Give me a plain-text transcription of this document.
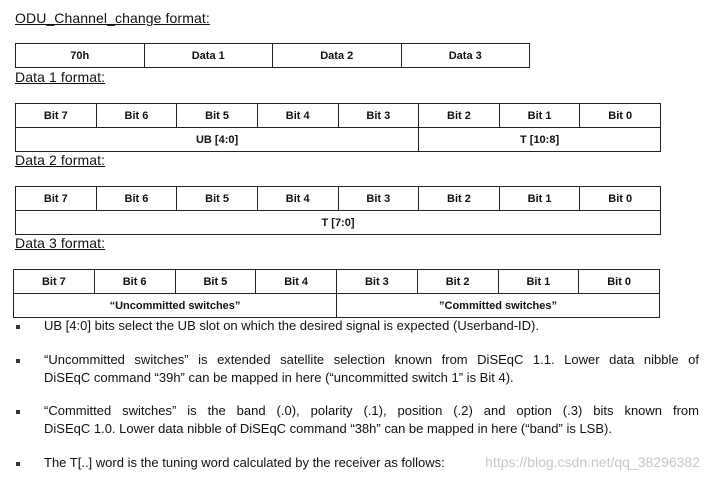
ODU_Channel_change format:
70h	Data 1	Data 2	Data 3
Data 1 format:
Bit 7	Bit 6	Bit 5	Bit 4	Bit 3	Bit 2	Bit 1	Bit 0
UB [4:0]					T [10:8]		
Data 2 format:
Bit 7	Bit 6	Bit 5	Bit 4	Bit 3	Bit 2	Bit 1	Bit 0
T [7:0]
Data 3 format:
Bit 7	Bit 6	Bit 5	Bit 4	Bit 3	Bit 2	Bit 1	Bit 0
“Uncommitted switches”				”Committed switches”			
UB [4:0] bits select the UB slot on which the desired signal is expected (Userband-ID).
“Uncommitted switches” is extended satellite selection known from DiSEqC 1.1. Lower data nibble of
DiSEqC command “39h” can be mapped in here (“uncommitted switch 1” is Bit 4).
“Committed switches” is the band (.0), polarity (.1), position (.2) and option (.3) bits known from
DiSEqC 1.0. Lower data nibble of DiSEqC command “38h” can be mapped in here (“band” is LSB).
The T[..] word is the tuning word calculated by the receiver as follows:	https://blog.csdn.net/qq_38296382
